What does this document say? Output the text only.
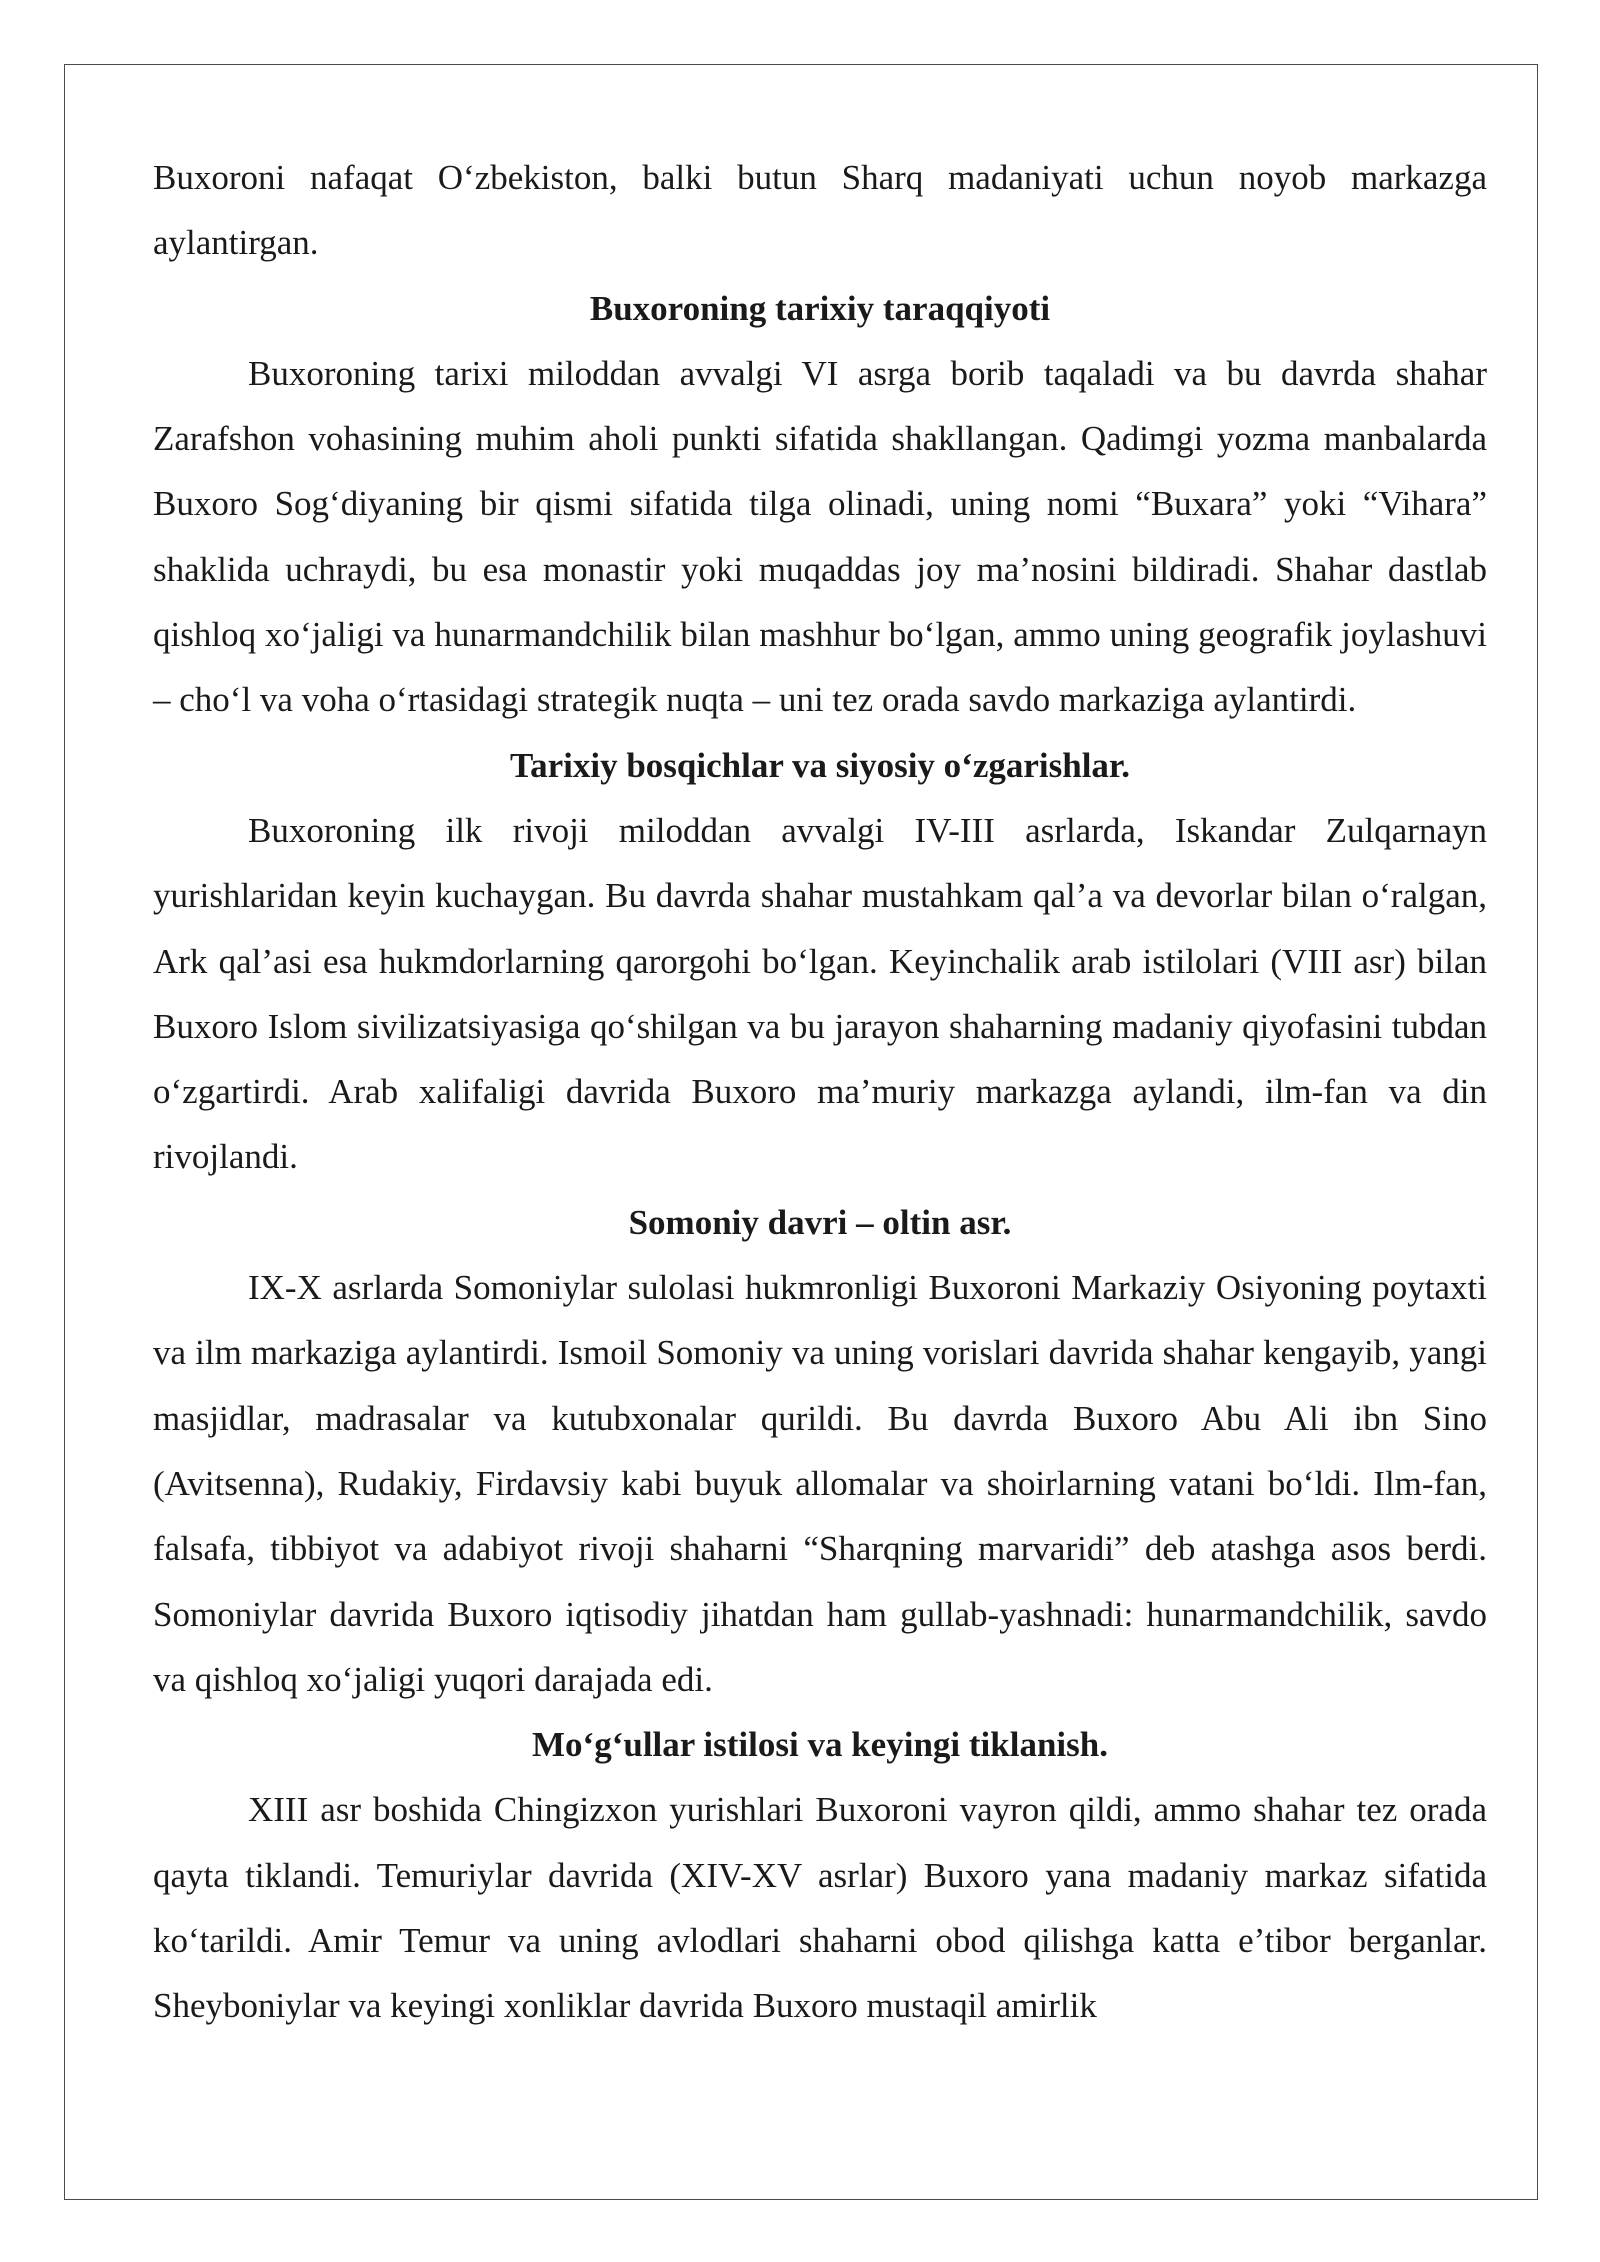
Buxoroni nafaqat O‘zbekiston, balki butun Sharq madaniyati uchun noyob markazga aylantirgan.

Buxoroning tarixiy taraqqiyoti

Buxoroning tarixi miloddan avvalgi VI asrga borib taqaladi va bu davrda shahar Zarafshon vohasining muhim aholi punkti sifatida shakllangan. Qadimgi yozma manbalarda Buxoro Sog‘diyaning bir qismi sifatida tilga olinadi, uning nomi “Buxara” yoki “Vihara” shaklida uchraydi, bu esa monastir yoki muqaddas joy ma’nosini bildiradi. Shahar dastlab qishloq xo‘jaligi va hunarmandchilik bilan mashhur bo‘lgan, ammo uning geografik joylashuvi – cho‘l va voha o‘rtasidagi strategik nuqta – uni tez orada savdo markaziga aylantirdi.

Tarixiy bosqichlar va siyosiy o‘zgarishlar.

Buxoroning ilk rivoji miloddan avvalgi IV-III asrlarda, Iskandar Zulqarnayn yurishlaridan keyin kuchaygan. Bu davrda shahar mustahkam qal’a va devorlar bilan o‘ralgan, Ark qal’asi esa hukmdorlarning qarorgohi bo‘lgan. Keyinchalik arab istilolari (VIII asr) bilan Buxoro Islom sivilizatsiyasiga qo‘shilgan va bu jarayon shaharning madaniy qiyofasini tubdan o‘zgartirdi. Arab xalifaligi davrida Buxoro ma’muriy markazga aylandi, ilm-fan va din rivojlandi.

Somoniy davri – oltin asr.

IX-X asrlarda Somoniylar sulolasi hukmronligi Buxoroni Markaziy Osiyoning poytaxti va ilm markaziga aylantirdi. Ismoil Somoniy va uning vorislari davrida shahar kengayib, yangi masjidlar, madrasalar va kutubxonalar qurildi. Bu davrda Buxoro Abu Ali ibn Sino (Avitsenna), Rudakiy, Firdavsiy kabi buyuk allomalar va shoirlarning vatani bo‘ldi. Ilm-fan, falsafa, tibbiyot va adabiyot rivoji shaharni “Sharqning marvaridi” deb atashga asos berdi. Somoniylar davrida Buxoro iqtisodiy jihatdan ham gullab-yashnadi: hunarmandchilik, savdo va qishloq xo‘jaligi yuqori darajada edi.

Mo‘g‘ullar istilosi va keyingi tiklanish.

XIII asr boshida Chingizxon yurishlari Buxoroni vayron qildi, ammo shahar tez orada qayta tiklandi. Temuriylar davrida (XIV-XV asrlar) Buxoro yana madaniy markaz sifatida ko‘tarildi. Amir Temur va uning avlodlari shaharni obod qilishga katta e’tibor berganlar. Sheyboniylar va keyingi xonliklar davrida Buxoro mustaqil amirlik
